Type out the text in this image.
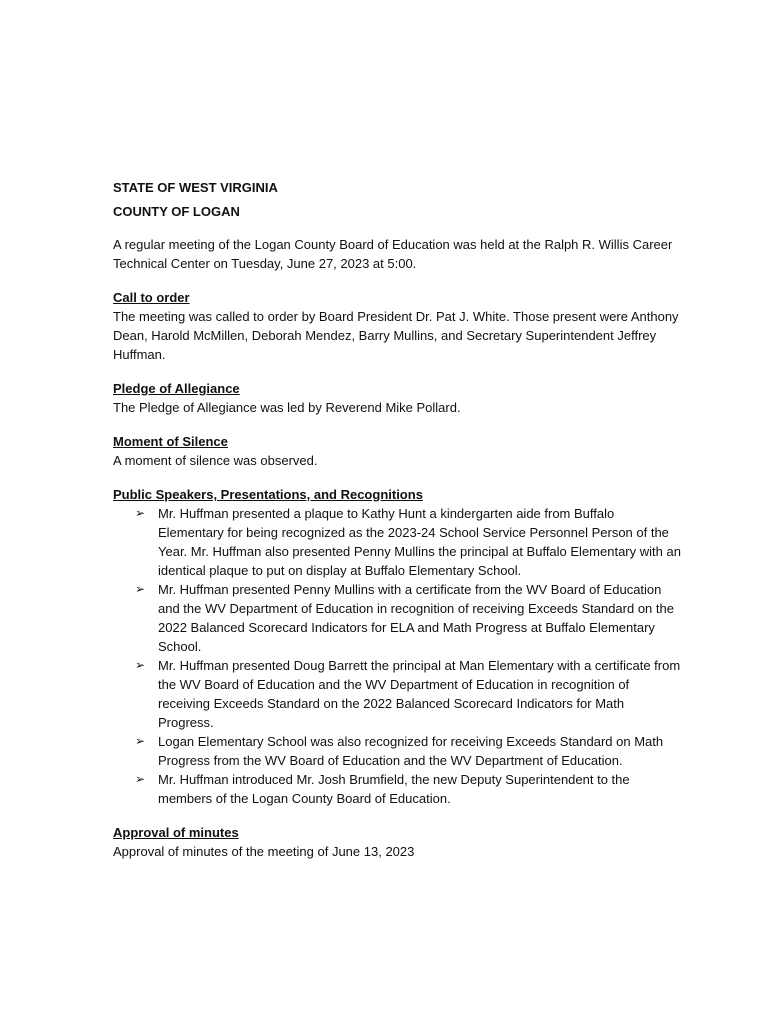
STATE OF WEST VIRGINIA

COUNTY OF LOGAN

A regular meeting of the Logan County Board of Education was held at the Ralph R. Willis Career Technical Center on Tuesday, June 27, 2023 at 5:00.

Call to order

The meeting was called to order by Board President Dr. Pat J. White. Those present were Anthony Dean, Harold McMillen, Deborah Mendez, Barry Mullins, and Secretary Superintendent Jeffrey Huffman.

Pledge of Allegiance

The Pledge of Allegiance was led by Reverend Mike Pollard.

Moment of Silence

A moment of silence was observed.

Public Speakers, Presentations, and Recognitions

➢ Mr. Huffman presented a plaque to Kathy Hunt a kindergarten aide from Buffalo Elementary for being recognized as the 2023-24 School Service Personnel Person of the Year. Mr. Huffman also presented Penny Mullins the principal at Buffalo Elementary with an identical plaque to put on display at Buffalo Elementary School.
➢ Mr. Huffman presented Penny Mullins with a certificate from the WV Board of Education and the WV Department of Education in recognition of receiving Exceeds Standard on the 2022 Balanced Scorecard Indicators for ELA and Math Progress at Buffalo Elementary School.
➢ Mr. Huffman presented Doug Barrett the principal at Man Elementary with a certificate from the WV Board of Education and the WV Department of Education in recognition of receiving Exceeds Standard on the 2022 Balanced Scorecard Indicators for Math Progress.
➢ Logan Elementary School was also recognized for receiving Exceeds Standard on Math Progress from the WV Board of Education and the WV Department of Education.
➢ Mr. Huffman introduced Mr. Josh Brumfield, the new Deputy Superintendent to the members of the Logan County Board of Education.

Approval of minutes

Approval of minutes of the meeting of June 13, 2023
